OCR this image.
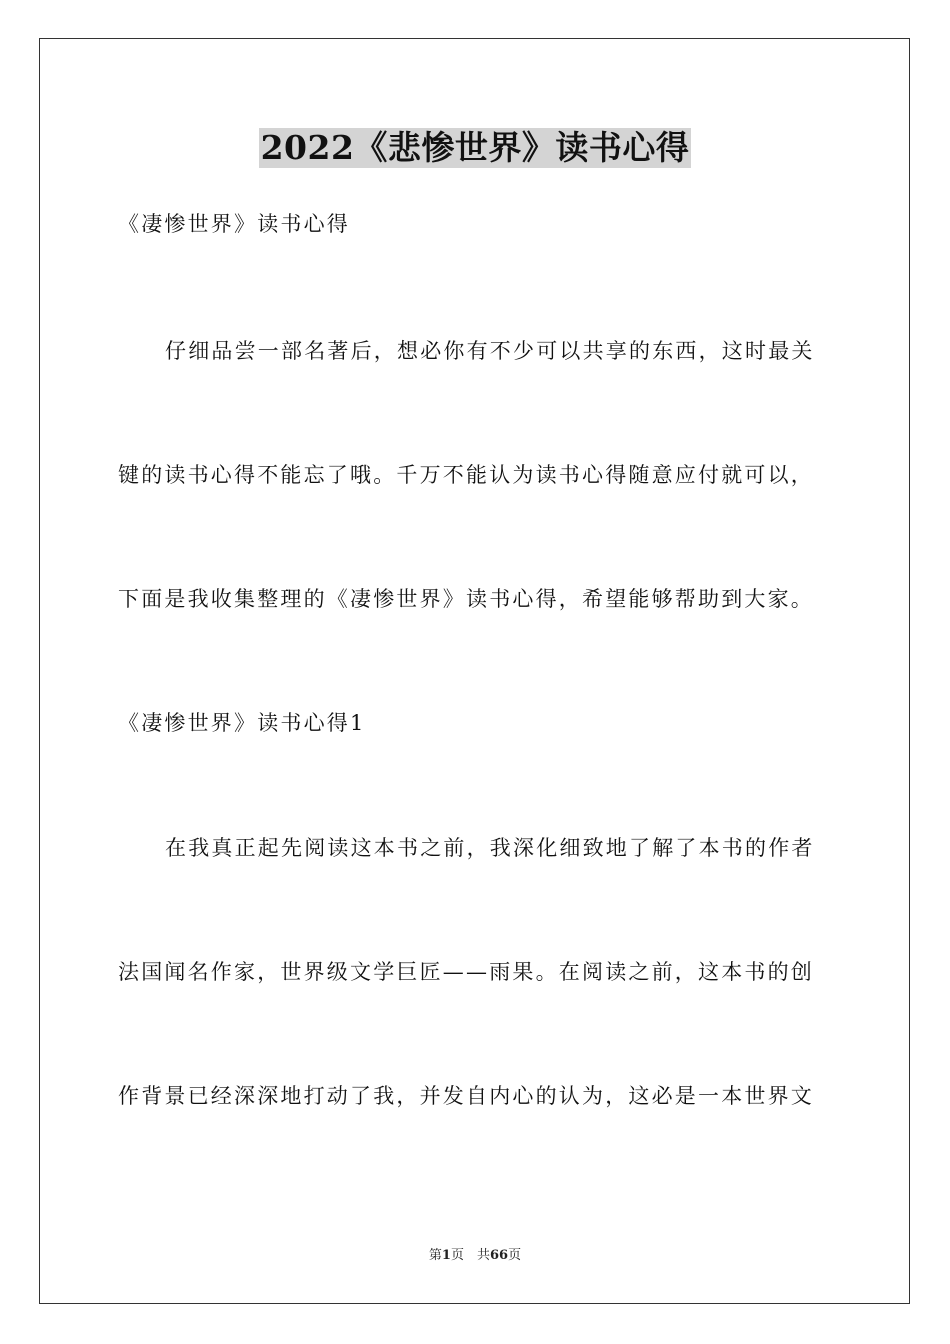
2022《悲惨世界》读书心得
《凄惨世界》读书心得
仔细品尝一部名著后，想必你有不少可以共享的东西，这时最关
键的读书心得不能忘了哦。千万不能认为读书心得随意应付就可以，
下面是我收集整理的《凄惨世界》读书心得，希望能够帮助到大家。
《凄惨世界》读书心得1
在我真正起先阅读这本书之前，我深化细致地了解了本书的作者
法国闻名作家，世界级文学巨匠——雨果。在阅读之前，这本书的创
作背景已经深深地打动了我，并发自内心的认为，这必是一本世界文
第1页　共66页
